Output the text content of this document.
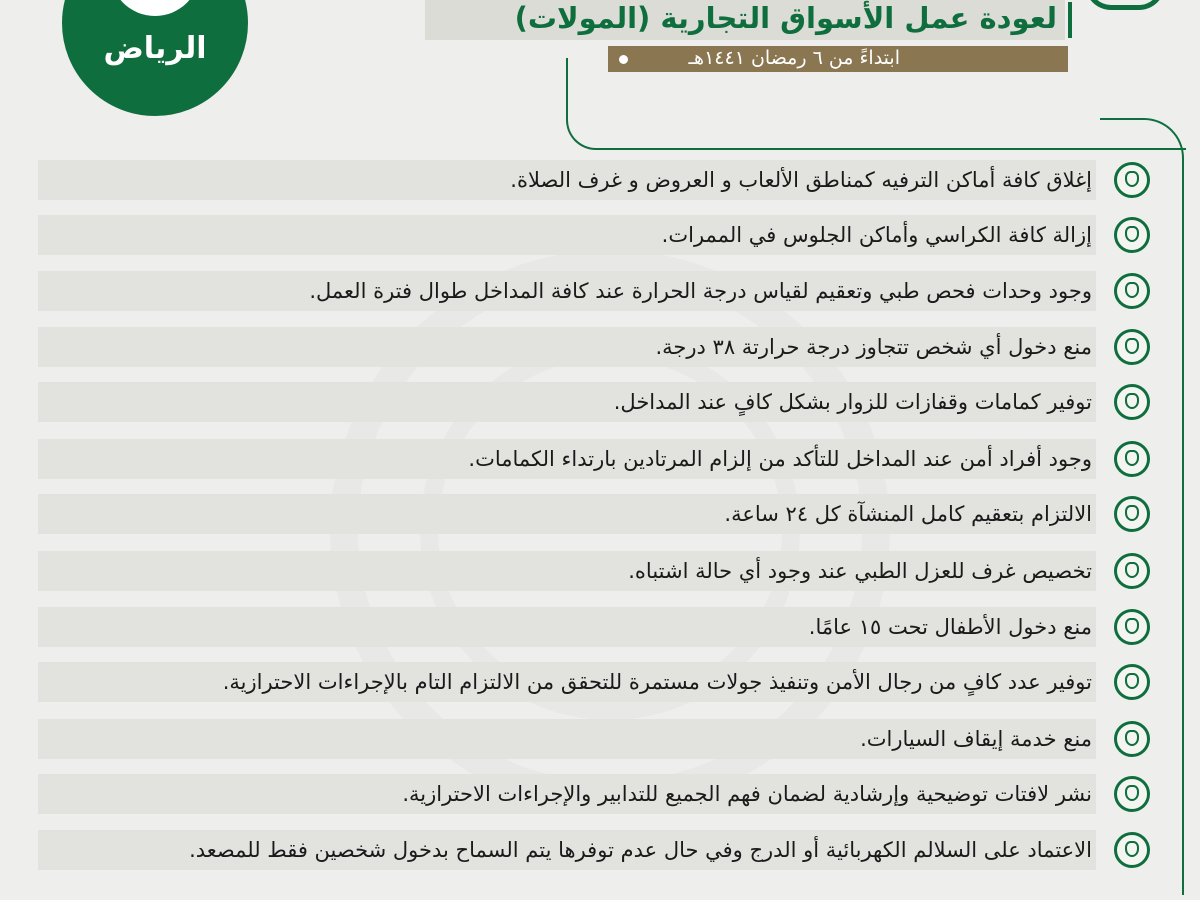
الرياض
لعودة عمل الأسواق التجارية (المولات)
ابتداءً من ٦ رمضان ١٤٤١هـ
إغلاق كافة أماكن الترفيه كمناطق الألعاب و العروض و غرف الصلاة.
إزالة كافة الكراسي وأماكن الجلوس في الممرات.
وجود وحدات فحص طبي وتعقيم لقياس درجة الحرارة عند كافة المداخل طوال فترة العمل.
منع دخول أي شخص تتجاوز درجة حرارتة ٣٨ درجة.
توفير كمامات وقفازات للزوار بشكل كافٍ عند المداخل.
وجود أفراد أمن عند المداخل للتأكد من إلزام المرتادين بارتداء الكمامات.
الالتزام بتعقيم كامل المنشآة كل ٢٤ ساعة.
تخصيص غرف للعزل الطبي عند وجود أي حالة اشتباه.
منع دخول الأطفال تحت ١٥ عامًا.
توفير عدد كافٍ من رجال الأمن وتنفيذ جولات مستمرة للتحقق من الالتزام التام بالإجراءات الاحترازية.
منع خدمة إيقاف السيارات.
نشر لافتات توضيحية وإرشادية لضمان فهم الجميع للتدابير والإجراءات الاحترازية.
الاعتماد على السلالم الكهربائية أو الدرج وفي حال عدم توفرها يتم السماح بدخول شخصين فقط للمصعد.
